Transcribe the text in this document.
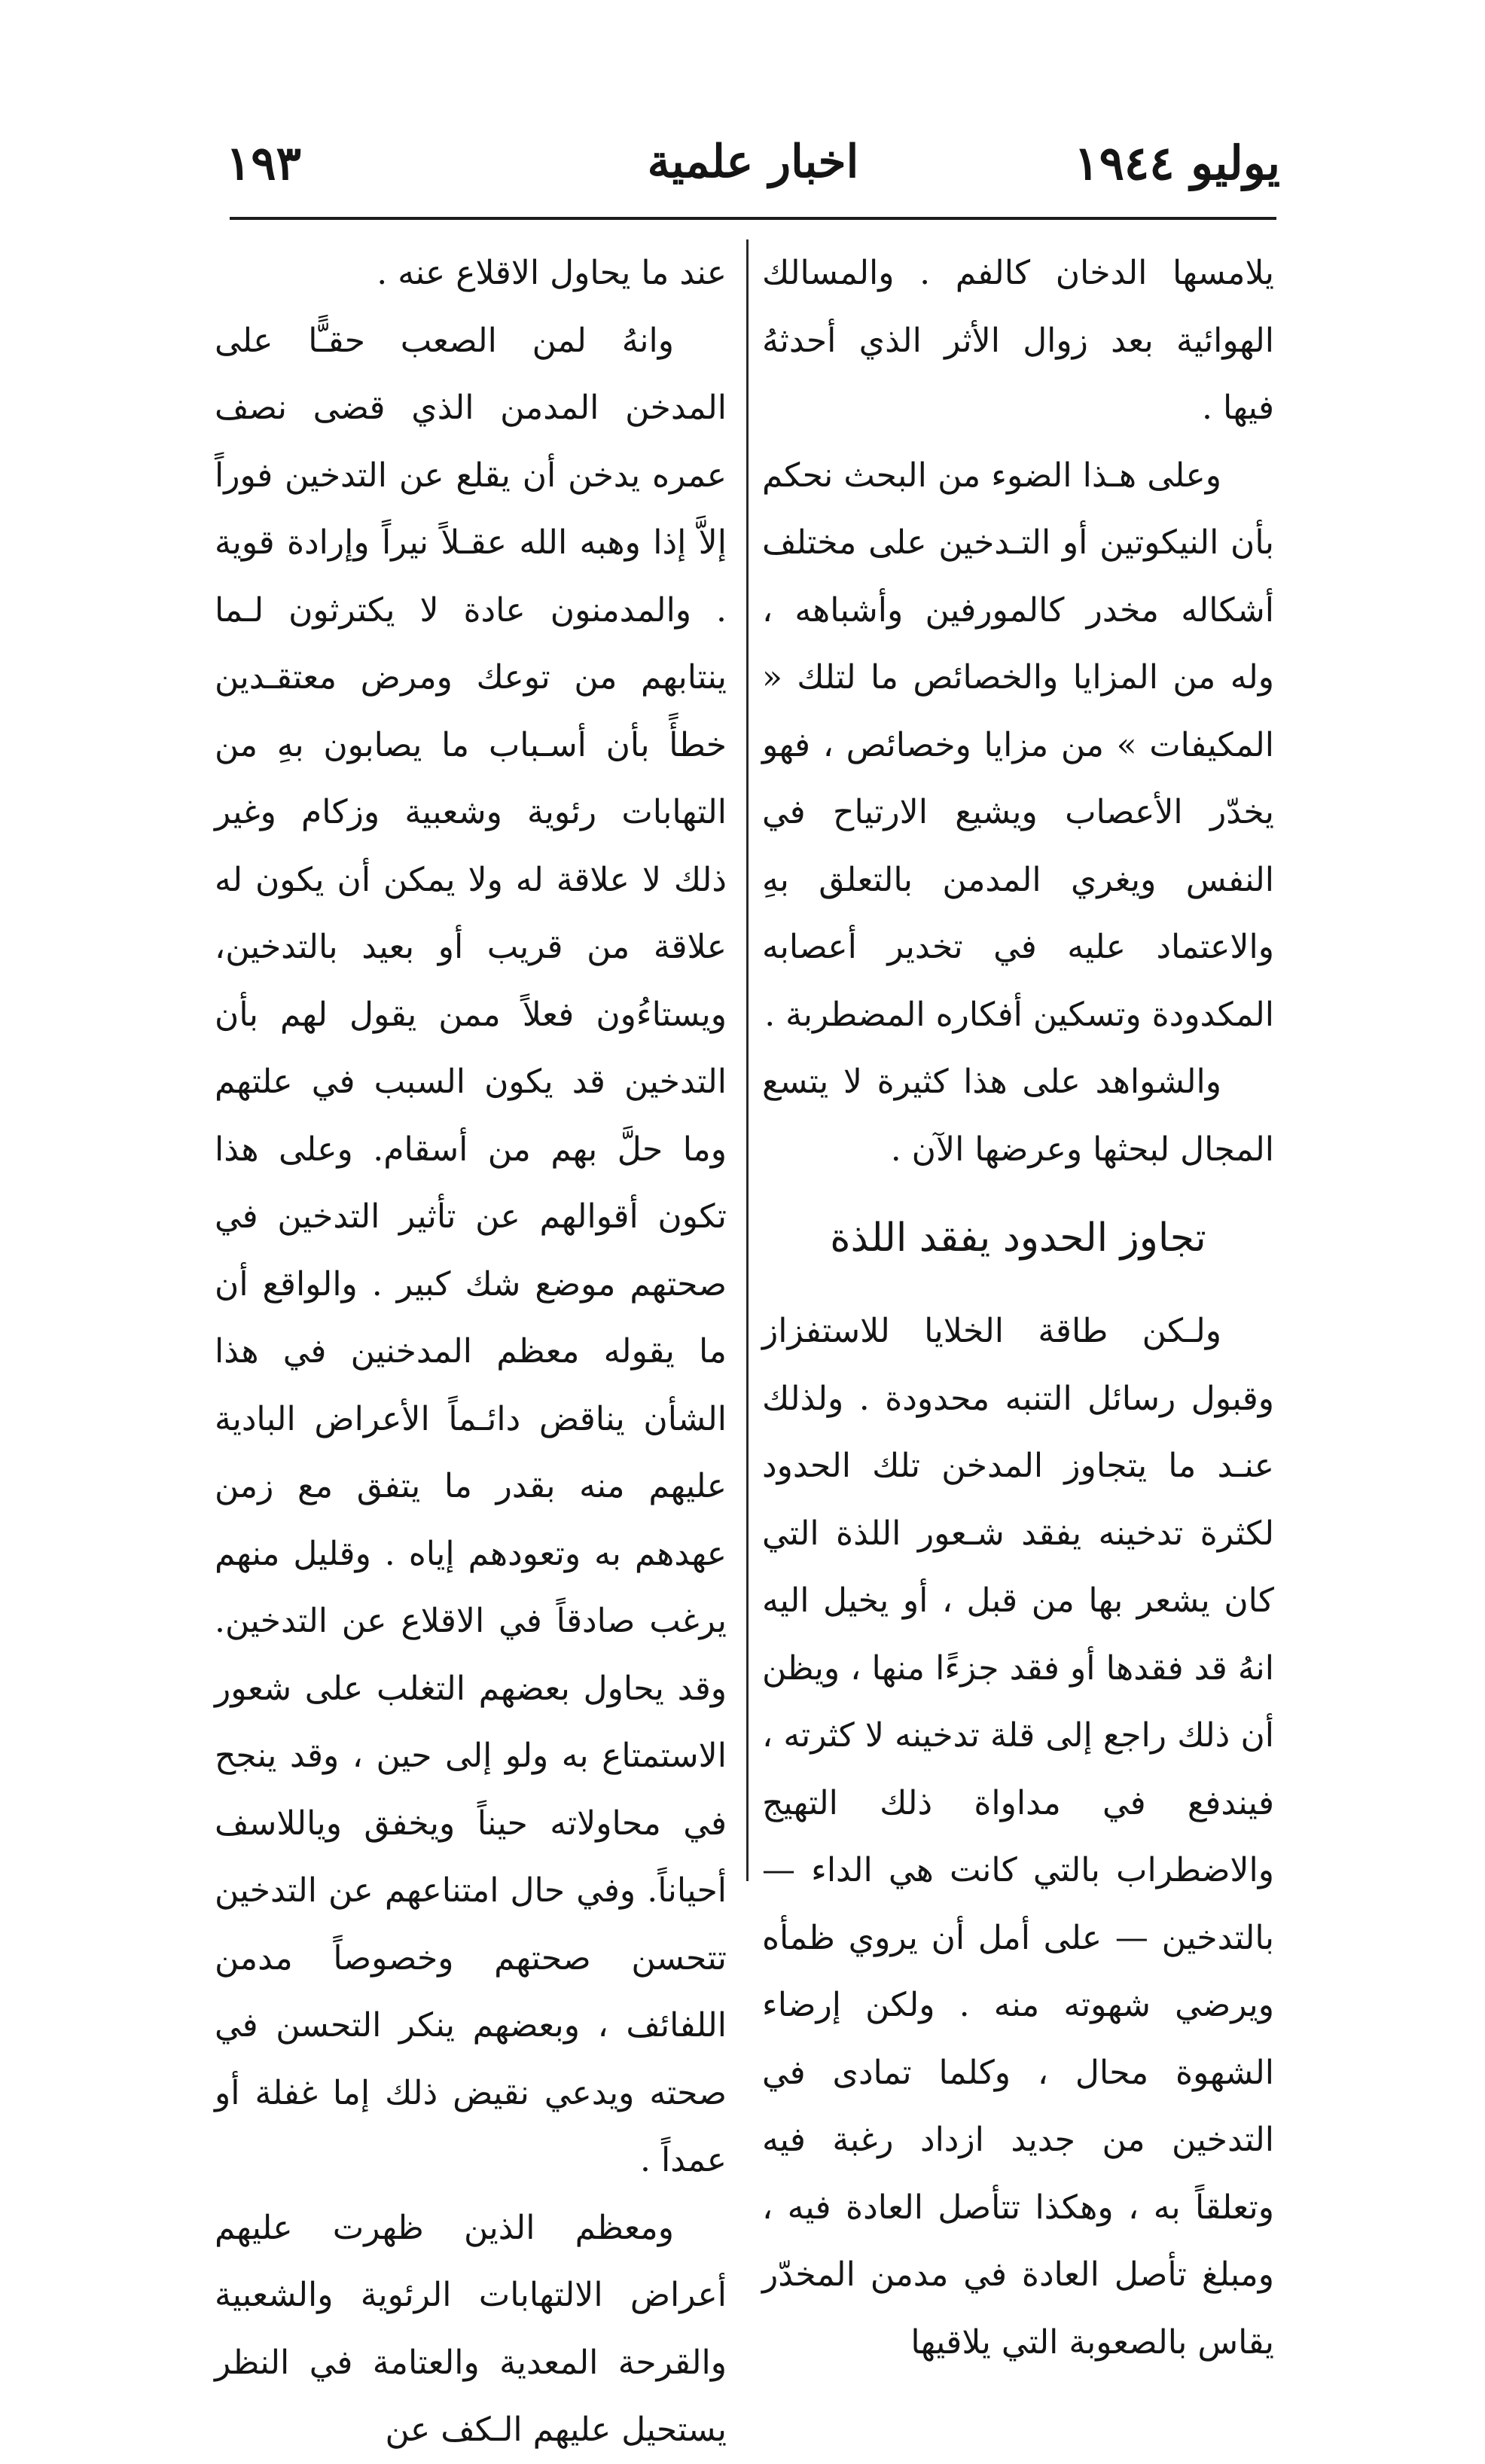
يوليو ١٩٤٤
اخبار علمية
١٩٣

يلامسها الدخان كالفم . والمسالك الهوائية بعد زوال الأثر الذي أحدثهُ فيها .

وعلى هـذا الضوء من البحث نحكم بأن النيكوتين أو التـدخين على مختلف أشكاله مخدر كالمورفين وأشباهه ، وله من المزايا والخصائص ما لتلك « المكيفات » من مزايا وخصائص ، فهو يخدّر الأعصاب ويشيع الارتياح في النفس ويغري المدمن بالتعلق بهِ والاعتماد عليه في تخدير أعصابه المكدودة وتسكين أفكاره المضطربة .

والشواهد على هذا كثيرة لا يتسع المجال لبحثها وعرضها الآن .

تجاوز الحدود يفقد اللذة

ولـكن طاقة الخلايا للاستفزاز وقبول رسائل التنبه محدودة . ولذلك عنـد ما يتجاوز المدخن تلك الحدود لكثرة تدخينه يفقد شـعور اللذة التي كان يشعر بها من قبل ، أو يخيل اليه انهُ قد فقدها أو فقد جزءًا منها ، ويظن أن ذلك راجع إلى قلة تدخينه لا كثرته ، فيندفع في مداواة ذلك التهيج والاضطراب بالتي كانت هي الداء — بالتدخين — على أمل أن يروي ظمأه ويرضي شهوته منه . ولكن إرضاء الشهوة محال ، وكلما تمادى في التدخين من جديد ازداد رغبة فيه وتعلقاً به ، وهكذا تتأصل العادة فيه ، ومبلغ تأصل العادة في مدمن المخدّر يقاس بالصعوبة التي يلاقيها

عند ما يحاول الاقلاع عنه .

وانهُ لمن الصعب حقـًّا على المدخن المدمن الذي قضى نصف عمره يدخن أن يقلع عن التدخين فوراً إلاَّ إذا وهبه الله عقـلاً نيراً وإرادة قوية . والمدمنون عادة لا يكترثون لـما ينتابهم من توعك ومرض معتقـدين خطأً بأن أسـباب ما يصابون بهِ من التهابات رئوية وشعبية وزكام وغير ذلك لا علاقة له ولا يمكن أن يكون له علاقة من قريب أو بعيد بالتدخين، ويستاءُون فعلاً ممن يقول لهم بأن التدخين قد يكون السبب في علتهم وما حلَّ بهم من أسقام. وعلى هذا تكون أقوالهم عن تأثير التدخين في صحتهم موضع شك كبير . والواقع أن ما يقوله معظم المدخنين في هذا الشأن يناقض دائـماً الأعراض البادية عليهم منه بقدر ما يتفق مع زمن عهدهم به وتعودهم إياه . وقليل منهم يرغب صادقاً في الاقلاع عن التدخين. وقد يحاول بعضهم التغلب على شعور الاستمتاع به ولو إلى حين ، وقد ينجح في محاولاته حيناً ويخفق وياللاسف أحياناً. وفي حال امتناعهم عن التدخين تتحسن صحتهم وخصوصاً مدمن اللفائف ، وبعضهم ينكر التحسن في صحته ويدعي نقيض ذلك إما غفلة أو عمداً .

ومعظم الذين ظهرت عليهم أعراض الالتهابات الرئوية والشعبية والقرحة المعدية والعتامة في النظر يستحيل عليهم الـكف عن
